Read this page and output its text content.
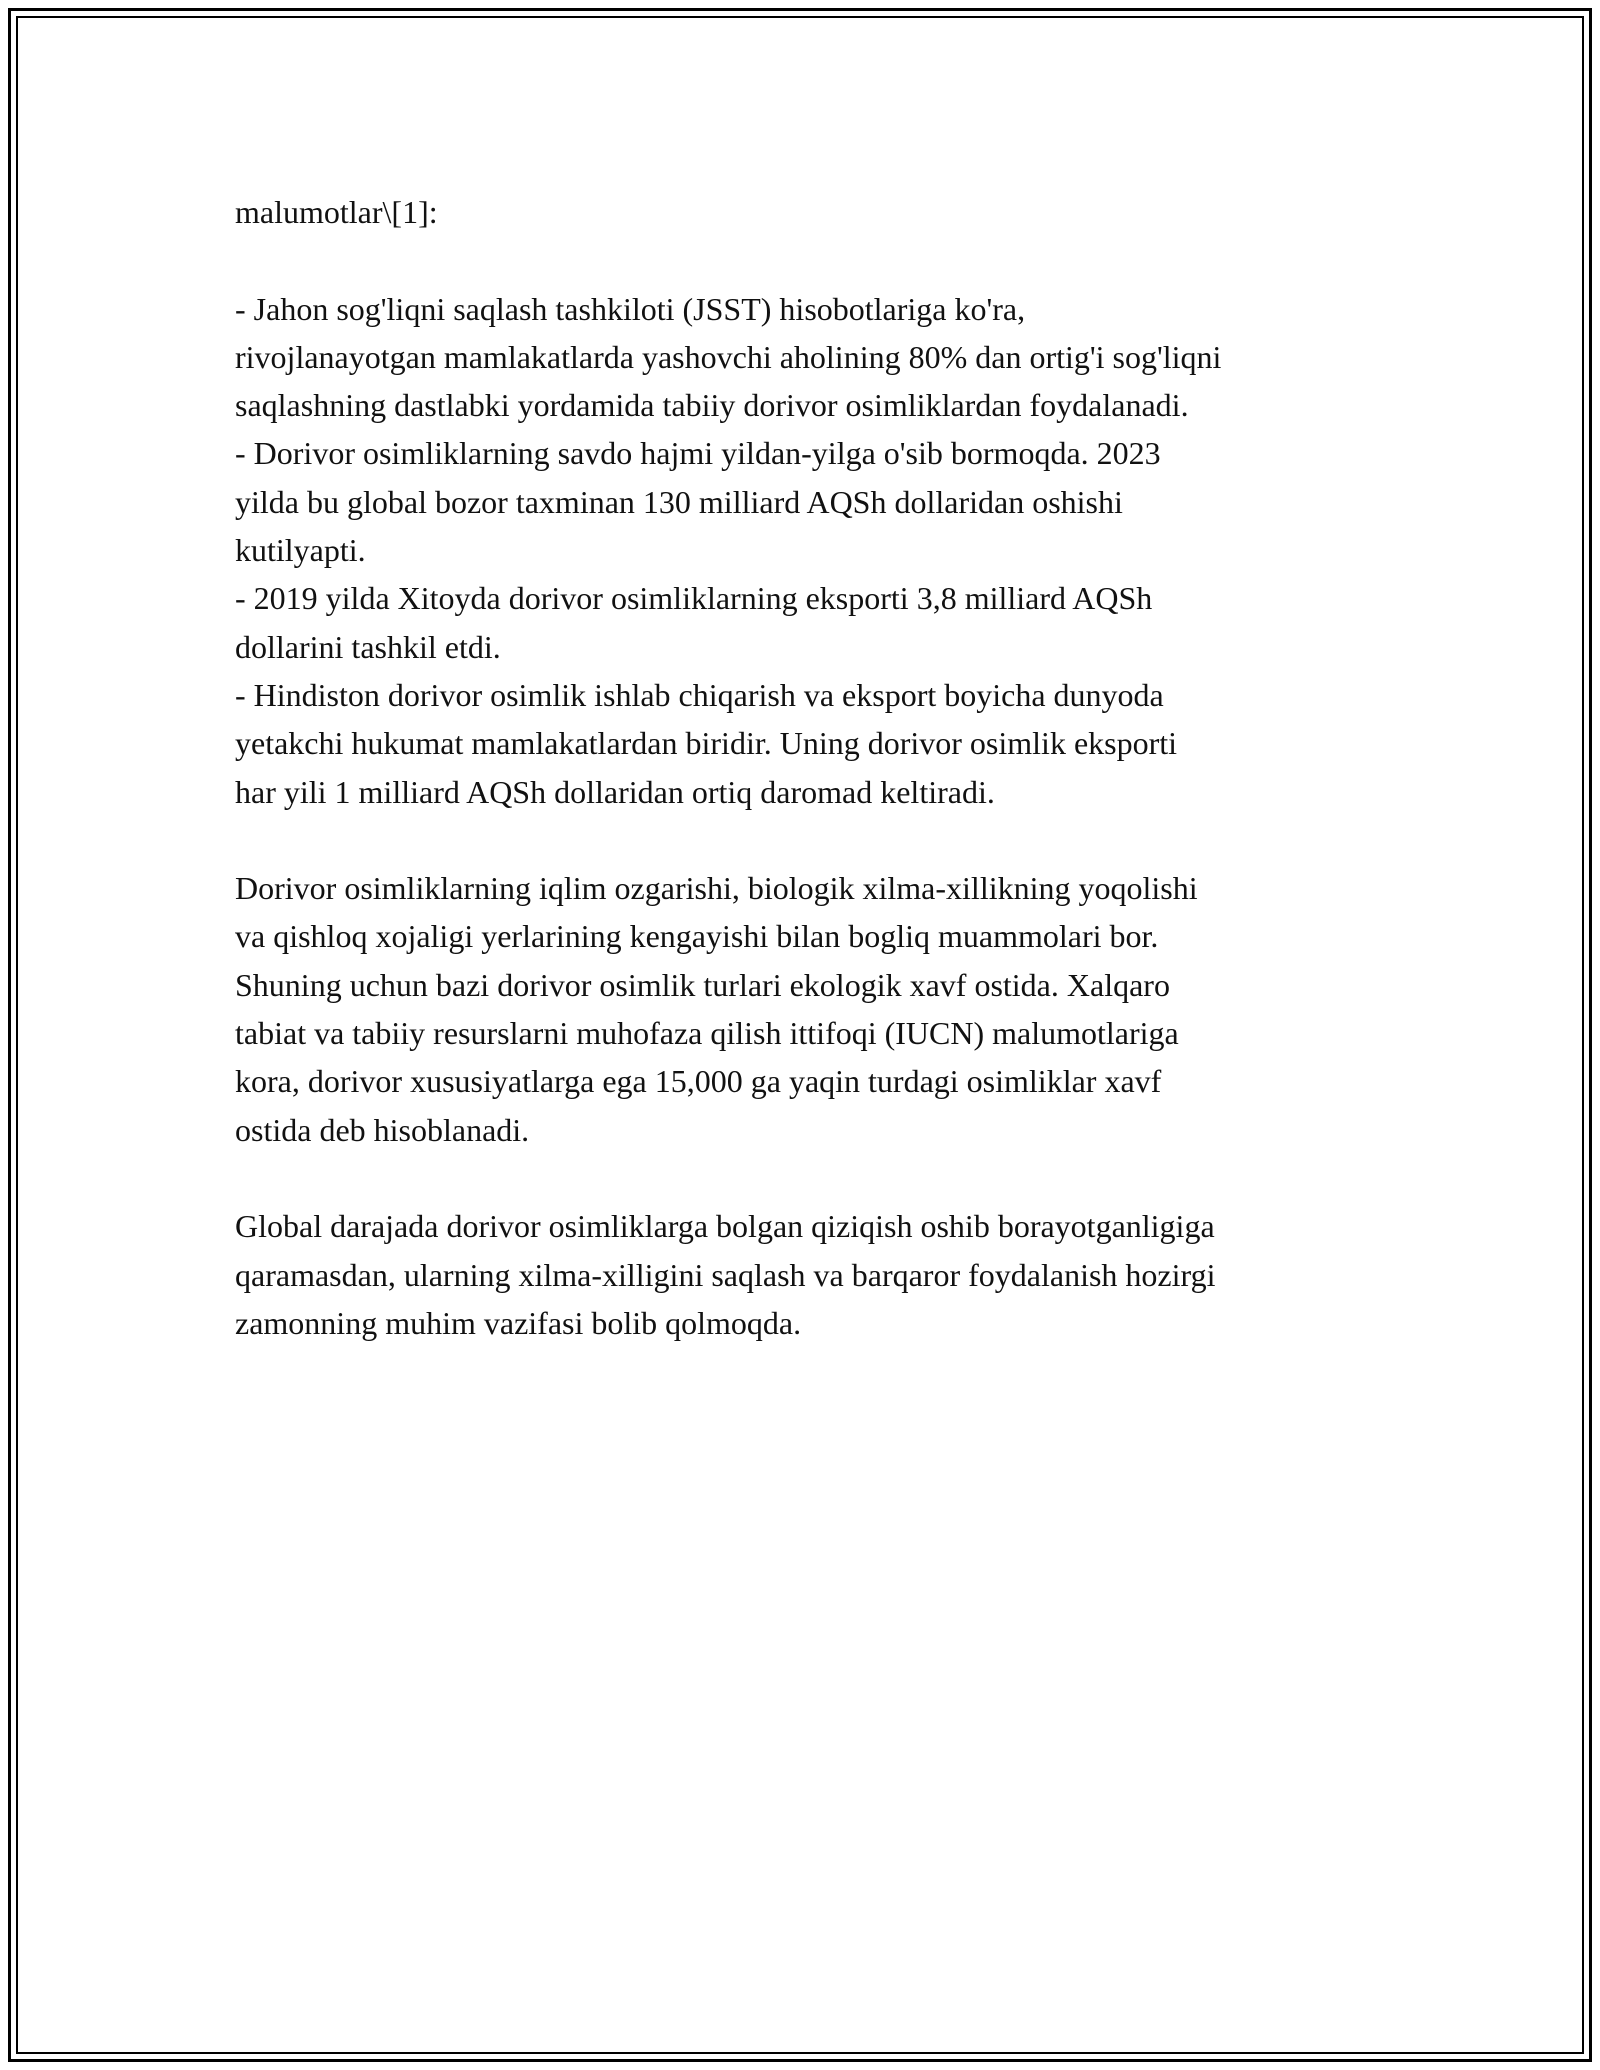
malumotlar\[1]:
- Jahon sog'liqni saqlash tashkiloti (JSST) hisobotlariga ko'ra,
rivojlanayotgan mamlakatlarda yashovchi aholining 80% dan ortig'i sog'liqni
saqlashning dastlabki yordamida tabiiy dorivor osimliklardan foydalanadi.
- Dorivor osimliklarning savdo hajmi yildan-yilga o'sib bormoqda. 2023
yilda bu global bozor taxminan 130 milliard AQSh dollaridan oshishi
kutilyapti.
- 2019 yilda Xitoyda dorivor osimliklarning eksporti 3,8 milliard AQSh
dollarini tashkil etdi.
- Hindiston dorivor osimlik ishlab chiqarish va eksport boyicha dunyoda
yetakchi hukumat mamlakatlardan biridir. Uning dorivor osimlik eksporti
har yili 1 milliard AQSh dollaridan ortiq daromad keltiradi.
Dorivor osimliklarning iqlim ozgarishi, biologik xilma-xillikning yoqolishi
va qishloq xojaligi yerlarining kengayishi bilan bogliq muammolari bor.
Shuning uchun bazi dorivor osimlik turlari ekologik xavf ostida. Xalqaro
tabiat va tabiiy resurslarni muhofaza qilish ittifoqi (IUCN) malumotlariga
kora, dorivor xususiyatlarga ega 15,000 ga yaqin turdagi osimliklar xavf
ostida deb hisoblanadi.
Global darajada dorivor osimliklarga bolgan qiziqish oshib borayotganligiga
qaramasdan, ularning xilma-xilligini saqlash va barqaror foydalanish hozirgi
zamonning muhim vazifasi bolib qolmoqda.
